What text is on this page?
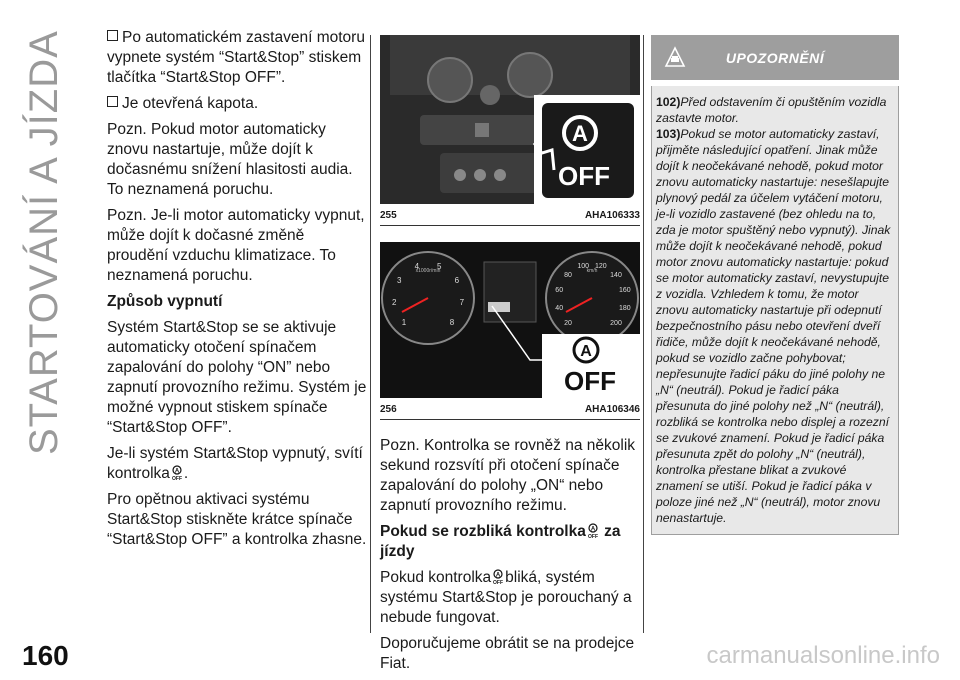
STARTOVÁNÍ A JÍZDA
160

Po automatickém zastavení motoru vypnete systém “Start&Stop” stiskem tlačítka “Start&Stop OFF”.

Je otevřená kapota.

Pozn. Pokud motor automaticky znovu nastartuje, může dojít k dočasnému snížení hlasitosti audia. To neznamená poruchu.

Pozn. Je-li motor automaticky vypnut, může dojít k dočasné změně proudění vzduchu klimatizace. To neznamená poruchu.

Způsob vypnutí

Systém Start&Stop se se aktivuje automaticky otočení spínačem zapalování do polohy “ON” nebo zapnutí provozního režimu. Systém je možné vypnout stiskem spínače “Start&Stop OFF”.

Je-li systém Start&Stop vypnutý, svítí kontrolka A
OFF .

Pro opětnou aktivaci systému Start&Stop stiskněte krátce spínače “Start&Stop OFF” a kontrolka zhasne.

A
OFF
255	AHA106333
1
2
3
4 5
6
7
8	20
40
60
80
100 120
140
160
180
200
x1000r/min	km/h
A
OFF
256	AHA106346

Pozn. Kontrolka se rovněž na několik sekund rozsvítí při otočení spínače zapalování do polohy „ON“ nebo zapnutí provozního režimu.

Pokud se rozbliká kontrolka A
OFF za jízdy

Pokud kontrolka A
OFF bliká, systém systému Start&Stop je porouchaný a nebude fungovat.

Doporučujeme obrátit se na prodejce Fiat.

UPOZORNĚNÍ

102)Před odstavením či opuštěním vozidla zastavte motor.

103)Pokud se motor automaticky zastaví, přijměte následující opatření. Jinak může dojít k neočekávané nehodě, pokud motor znovu automaticky nastartuje: nesešlapujte plynový pedál za účelem vytáčení motoru, je-li vozidlo zastavené (bez ohledu na to, zda je motor spuštěný nebo vypnutý). Jinak může dojít k neočekávané nehodě, pokud motor znovu automaticky nastartuje: pokud se motor automaticky zastaví, nevystupujte z vozidla. Vzhledem k tomu, že motor znovu automaticky nastartuje při odepnutí bezpečnostního pásu nebo otevření dveří řidiče, může dojít k neočekávané nehodě, pokud se vozidlo začne pohybovat; nepřesunujte řadicí páku do jiné polohy ne „N“ (neutrál). Pokud je řadicí páka přesunuta do jiné polohy než „N“ (neutrál), rozbliká se kontrolka nebo displej a rozezní se zvukové znamení. Pokud je řadicí páka přesunuta zpět do polohy „N“ (neutrál), kontrolka přestane blikat a zvukové znamení se utiší. Pokud je řadicí páka v poloze jiné než „N“ (neutrál), motor znovu nenastartuje.

carmanualsonline.info
